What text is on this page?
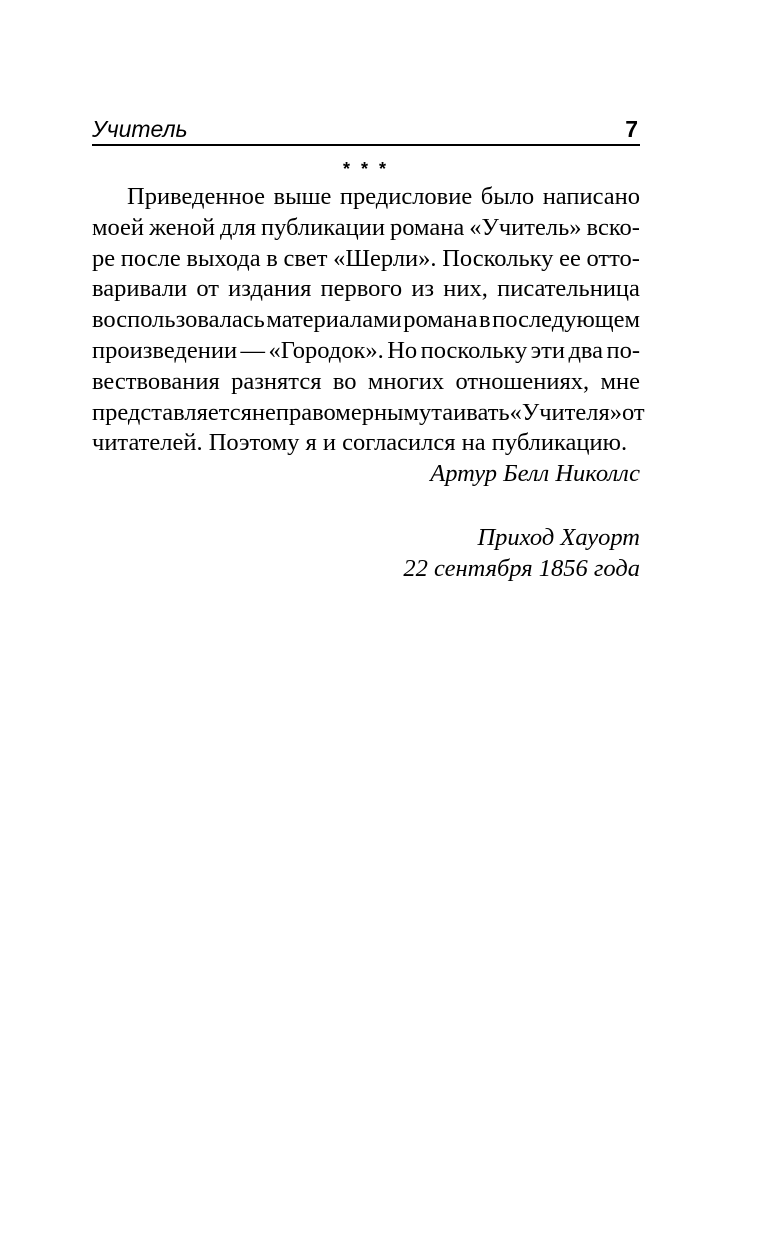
Учитель	7
* * *
Приведенное выше предисловие было написано
моей женой для публикации романа «Учитель» вско-
ре после выхода в свет «Шерли». Поскольку ее отто-
варивали от издания первого из них, писательница
воспользовалась материалами романа в последующем
произведении — «Городок». Но поскольку эти два по-
вествования разнятся во многих отношениях, мне
представляется неправомерным утаивать «Учителя» от
читателей. Поэтому я и согласился на публикацию.
Артур Белл Николлс
Приход Хауорт
22 сентября 1856 года
